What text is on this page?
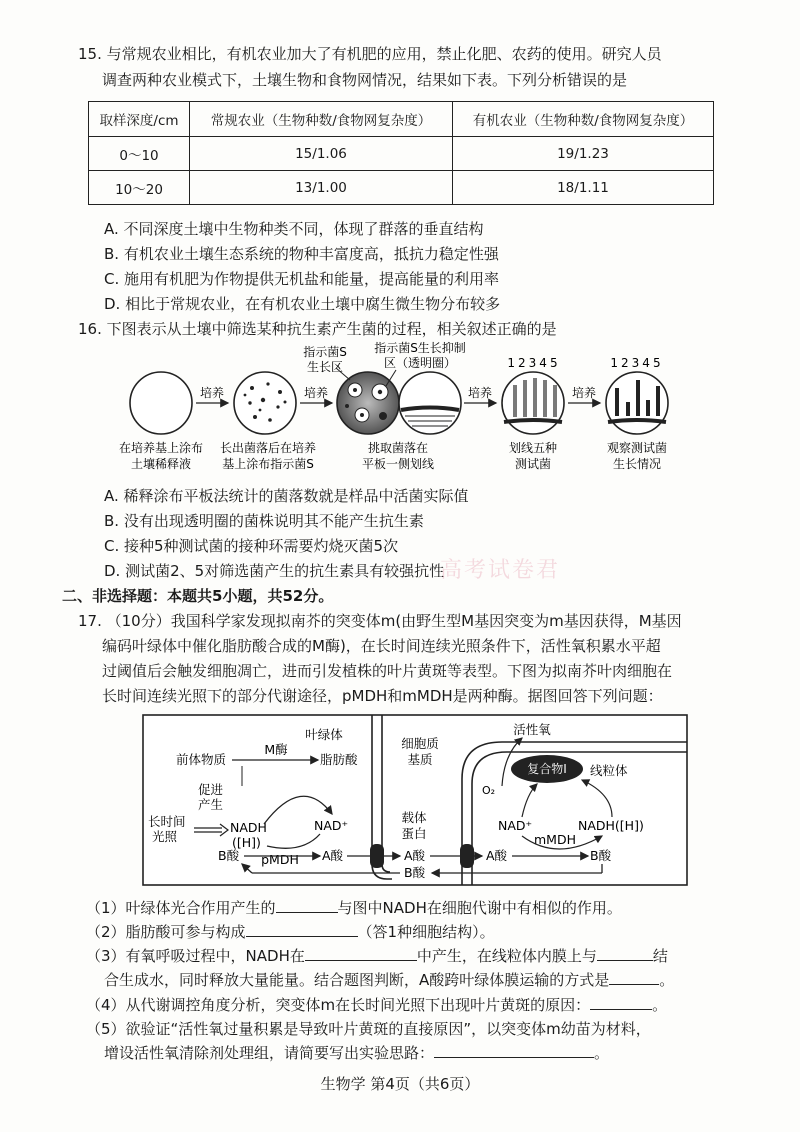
15. 与常规农业相比，有机农业加大了有机肥的应用，禁止化肥、农药的使用。研究人员
调查两种农业模式下，土壤生物和食物网情况，结果如下表。下列分析错误的是
取样深度/cm	常规农业（生物种数/食物网复杂度）	有机农业（生物种数/食物网复杂度）
0～10	15/1.06	19/1.23
10～20	13/1.00	18/1.11
A. 不同深度土壤中生物种类不同，体现了群落的垂直结构
B. 有机农业土壤生态系统的物种丰富度高，抵抗力稳定性强
C. 施用有机肥为作物提供无机盐和能量，提高能量的利用率
D. 相比于常规农业，在有机农业土壤中腐生微生物分布较多
16. 下图表示从土壤中筛选某种抗生素产生菌的过程，相关叙述正确的是
培养	培养
指示菌S
生长区
指示菌S生长抑制
区（透明圈）
培养
12345
培养
12345
在培养基上涂布
土壤稀释液
长出菌落后在培养
基上涂布指示菌S
挑取菌落在
平板一侧划线
划线五种
测试菌
观察测试菌
生长情况
A. 稀释涂布平板法统计的菌落数就是样品中活菌实际值
B. 没有出现透明圈的菌株说明其不能产生抗生素
C. 接种5种测试菌的接种环需要灼烧灭菌5次
D. 测试菌2、5对筛选菌产生的抗生素具有较强抗性
高考试卷君
二、非选择题：本题共5小题，共52分。
17. （10分）我国科学家发现拟南芥的突变体m(由野生型M基因突变为m基因获得，M基因
编码叶绿体中催化脂肪酸合成的M酶)，在长时间连续光照条件下，活性氧积累水平超
过阈值后会触发细胞凋亡，进而引发植株的叶片黄斑等表型。下图为拟南芥叶肉细胞在
长时间连续光照下的部分代谢途径，pMDH和mMDH是两种酶。据图回答下列问题：
叶绿体
前体物质
M酶
脂肪酸
促进
产生
长时间
光照
NADH
([H])
NAD⁺
pMDH
B酸	A酸
细胞质
基质
载体
蛋白
A酸
B酸
活性氧
复合物I 线粒体
O₂
NAD⁺	NADH([H])
mMDH
A酸	B酸
（1）叶绿体光合作用产生的	与图中NADH在细胞代谢中有相似的作用。
（2）脂肪酸可参与构成	（答1种细胞结构）。
（3）有氧呼吸过程中，NADH在	中产生，在线粒体内膜上与	结
合生成水，同时释放大量能量。结合题图判断，A酸跨叶绿体膜运输的方式是	。
（4）从代谢调控角度分析，突变体m在长时间光照下出现叶片黄斑的原因：	。
（5）欲验证“活性氧过量积累是导致叶片黄斑的直接原因”，以突变体m幼苗为材料，
增设活性氧清除剂处理组，请简要写出实验思路：	。
生物学 第4页（共6页）
